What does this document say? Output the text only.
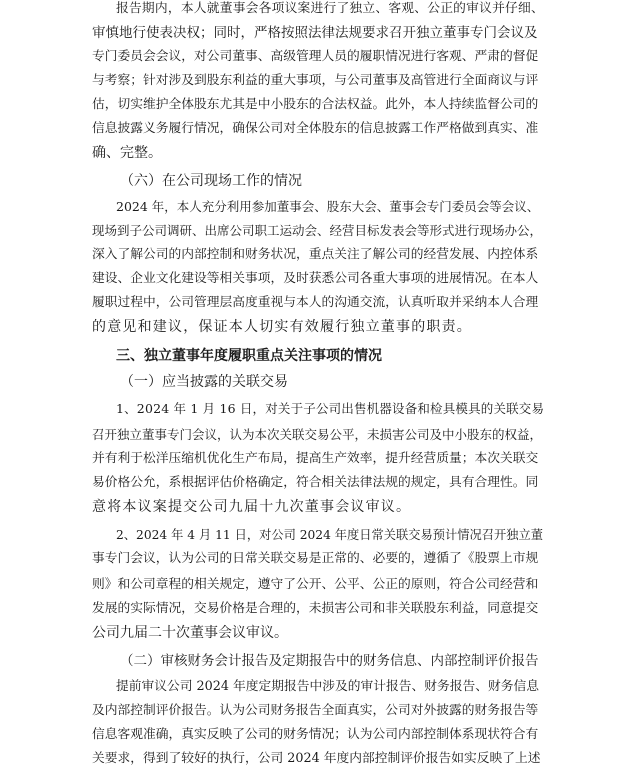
报告期内，本人就董事会各项议案进行了独立、客观、公正的审议并仔细、
审慎地行使表决权；同时，严格按照法律法规要求召开独立董事专门会议及
专门委员会会议，对公司董事、高级管理人员的履职情况进行客观、严肃的督促
与考察；针对涉及到股东利益的重大事项，与公司董事及高管进行全面商议与评
估，切实维护全体股东尤其是中小股东的合法权益。此外，本人持续监督公司的
信息披露义务履行情况，确保公司对全体股东的信息披露工作严格做到真实、准
确、完整。
（六）在公司现场工作的情况
2024 年，本人充分利用参加董事会、股东大会、董事会专门委员会等会议、
现场到子公司调研、出席公司职工运动会、经营目标发表会等形式进行现场办公，
深入了解公司的内部控制和财务状况，重点关注了解公司的经营发展、内控体系
建设、企业文化建设等相关事项，及时获悉公司各重大事项的进展情况。在本人
履职过程中，公司管理层高度重视与本人的沟通交流，认真听取并采纳本人合理
的意见和建议，保证本人切实有效履行独立董事的职责。
三、独立董事年度履职重点关注事项的情况
（一）应当披露的关联交易
1、2024 年 1 月 16 日，对关于子公司出售机器设备和检具模具的关联交易
召开独立董事专门会议，认为本次关联交易公平，未损害公司及中小股东的权益，
并有利于松洋压缩机优化生产布局，提高生产效率，提升经营质量；本次关联交
易价格公允，系根据评估价格确定，符合相关法律法规的规定，具有合理性。同
意将本议案提交公司九届十九次董事会议审议。
2、2024 年 4 月 11 日，对公司 2024 年度日常关联交易预计情况召开独立董
事专门会议，认为公司的日常关联交易是正常的、必要的，遵循了《股票上市规
则》和公司章程的相关规定，遵守了公开、公平、公正的原则，符合公司经营和
发展的实际情况，交易价格是合理的，未损害公司和非关联股东利益，同意提交
公司九届二十次董事会议审议。
（二）审核财务会计报告及定期报告中的财务信息、内部控制评价报告
提前审议公司 2024 年度定期报告中涉及的审计报告、财务报告、财务信息
及内部控制评价报告。认为公司财务报告全面真实，公司对外披露的财务报告等
信息客观准确，真实反映了公司的财务情况；认为公司内部控制体系现状符合有
关要求，得到了较好的执行，公司 2024 年度内部控制评价报告如实反映了上述
